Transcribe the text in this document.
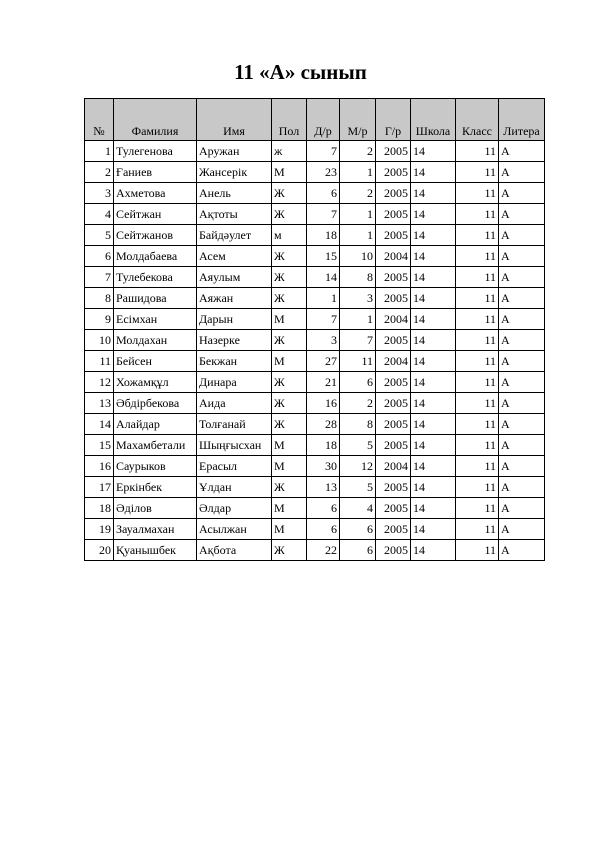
11 «А» сынып
№	Фамилия	Имя	Пол	Д/р	М/р	Г/р	Школа	Класс	Литера
1	Тулегенова	Аружан	ж	7	2	2005	14	11	А
2	Ғаниев	Жансерік	М	23	1	2005	14	11	А
3	Ахметова	Анель	Ж	6	2	2005	14	11	А
4	Сейтжан	Ақтоты	Ж	7	1	2005	14	11	А
5	Сейтжанов	Байдәулет	м	18	1	2005	14	11	А
6	Молдабаева	Асем	Ж	15	10	2004	14	11	А
7	Тулебекова	Аяулым	Ж	14	8	2005	14	11	А
8	Рашидова	Аяжан	Ж	1	3	2005	14	11	А
9	Есімхан	Дарын	М	7	1	2004	14	11	А
10	Молдахан	Назерке	Ж	3	7	2005	14	11	А
11	Бейсен	Бекжан	М	27	11	2004	14	11	А
12	Хожамқұл	Динара	Ж	21	6	2005	14	11	А
13	Әбдірбекова	Аида	Ж	16	2	2005	14	11	А
14	Алайдар	Толғанай	Ж	28	8	2005	14	11	А
15	Махамбетали	Шыңғысхан	М	18	5	2005	14	11	А
16	Саурыков	Ерасыл	М	30	12	2004	14	11	А
17	Еркінбек	Ұлдан	Ж	13	5	2005	14	11	А
18	Әділов	Әлдар	М	6	4	2005	14	11	А
19	Зауалмахан	Асылжан	М	6	6	2005	14	11	А
20	Қуанышбек	Ақбота	Ж	22	6	2005	14	11	А
